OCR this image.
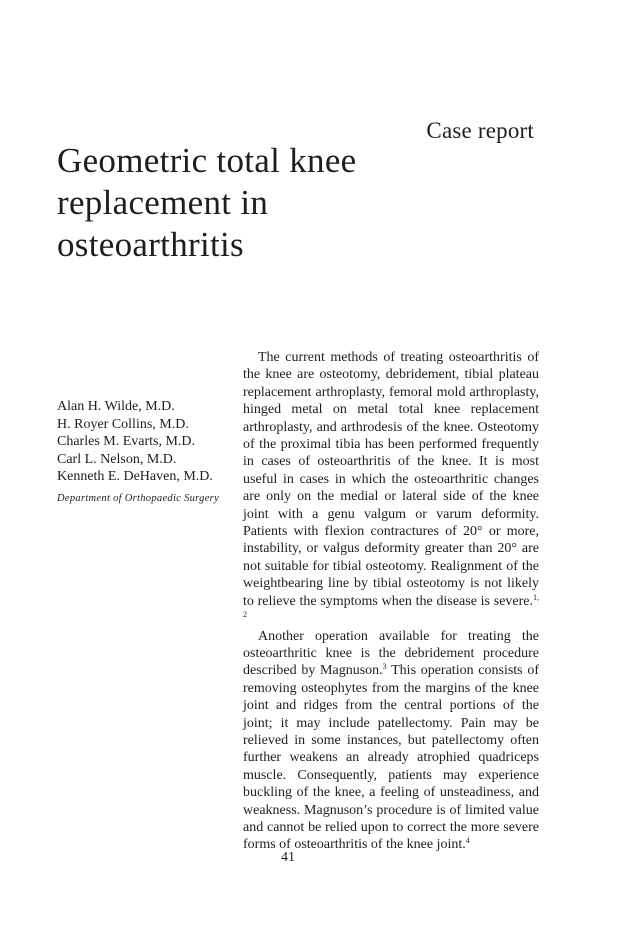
Case report
Geometric total knee replacement in osteoarthritis
Alan H. Wilde, M.D.
H. Royer Collins, M.D.
Charles M. Evarts, M.D.
Carl L. Nelson, M.D.
Kenneth E. DeHaven, M.D.
Department of Orthopaedic Surgery

The current methods of treating osteoarthritis of the knee are osteotomy, debridement, tibial plateau replacement arthroplasty, femoral mold arthroplasty, hinged metal on metal total knee replacement arthroplasty, and arthrodesis of the knee. Osteotomy of the proximal tibia has been performed frequently in cases of osteoarthritis of the knee. It is most useful in cases in which the osteoarthritic changes are only on the medial or lateral side of the knee joint with a genu valgum or varum deformity. Patients with flexion contractures of 20° or more, instability, or valgus deformity greater than 20° are not suitable for tibial osteotomy. Realignment of the weightbearing line by tibial osteotomy is not likely to relieve the symptoms when the disease is severe.$^{1, 2}$

Another operation available for treating the osteoarthritic knee is the debridement procedure described by Magnuson.$^3$ This operation consists of removing osteophytes from the margins of the knee joint and ridges from the central portions of the joint; it may include patellectomy. Pain may be relieved in some instances, but patellectomy often further weakens an already atrophied quadriceps muscle. Consequently, patients may experience buckling of the knee, a feeling of unsteadiness, and weakness. Magnuson’s procedure is of limited value and cannot be relied upon to correct the more severe forms of osteoarthritis of the knee joint.$^4$

41
